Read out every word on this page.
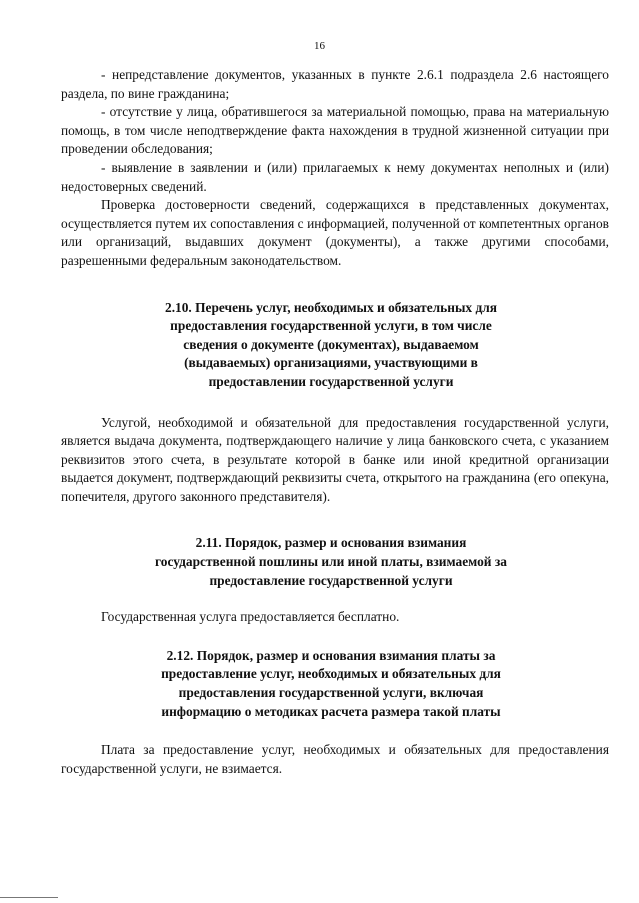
16

- непредставление документов, указанных в пункте 2.6.1 подраздела 2.6 настоящего раздела, по вине гражданина;

- отсутствие у лица, обратившегося за материальной помощью, права на материальную помощь, в том числе неподтверждение факта нахождения в трудной жизненной ситуации при проведении обследования;

- выявление в заявлении и (или) прилагаемых к нему документах неполных и (или) недостоверных сведений.

Проверка достоверности сведений, содержащихся в представленных документах, осуществляется путем их сопоставления с информацией, полученной от компетентных органов или организаций, выдавших документ (документы), а также другими способами, разрешенными федеральным законодательством.

2.10. Перечень услуг, необходимых и обязательных для предоставления государственной услуги, в том числе сведения о документе (документах), выдаваемом (выдаваемых) организациями, участвующими в предоставлении государственной услуги

Услугой, необходимой и обязательной для предоставления государственной услуги, является выдача документа, подтверждающего наличие у лица банковского счета, с указанием реквизитов этого счета, в результате которой в банке или иной кредитной организации выдается документ, подтверждающий реквизиты счета, открытого на гражданина (его опекуна, попечителя, другого законного представителя).

2.11. Порядок, размер и основания взимания государственной пошлины или иной платы, взимаемой за предоставление государственной услуги

Государственная услуга предоставляется бесплатно.

2.12. Порядок, размер и основания взимания платы за предоставление услуг, необходимых и обязательных для предоставления государственной услуги, включая информацию о методиках расчета размера такой платы

Плата за предоставление услуг, необходимых и обязательных для предоставления государственной услуги, не взимается.
